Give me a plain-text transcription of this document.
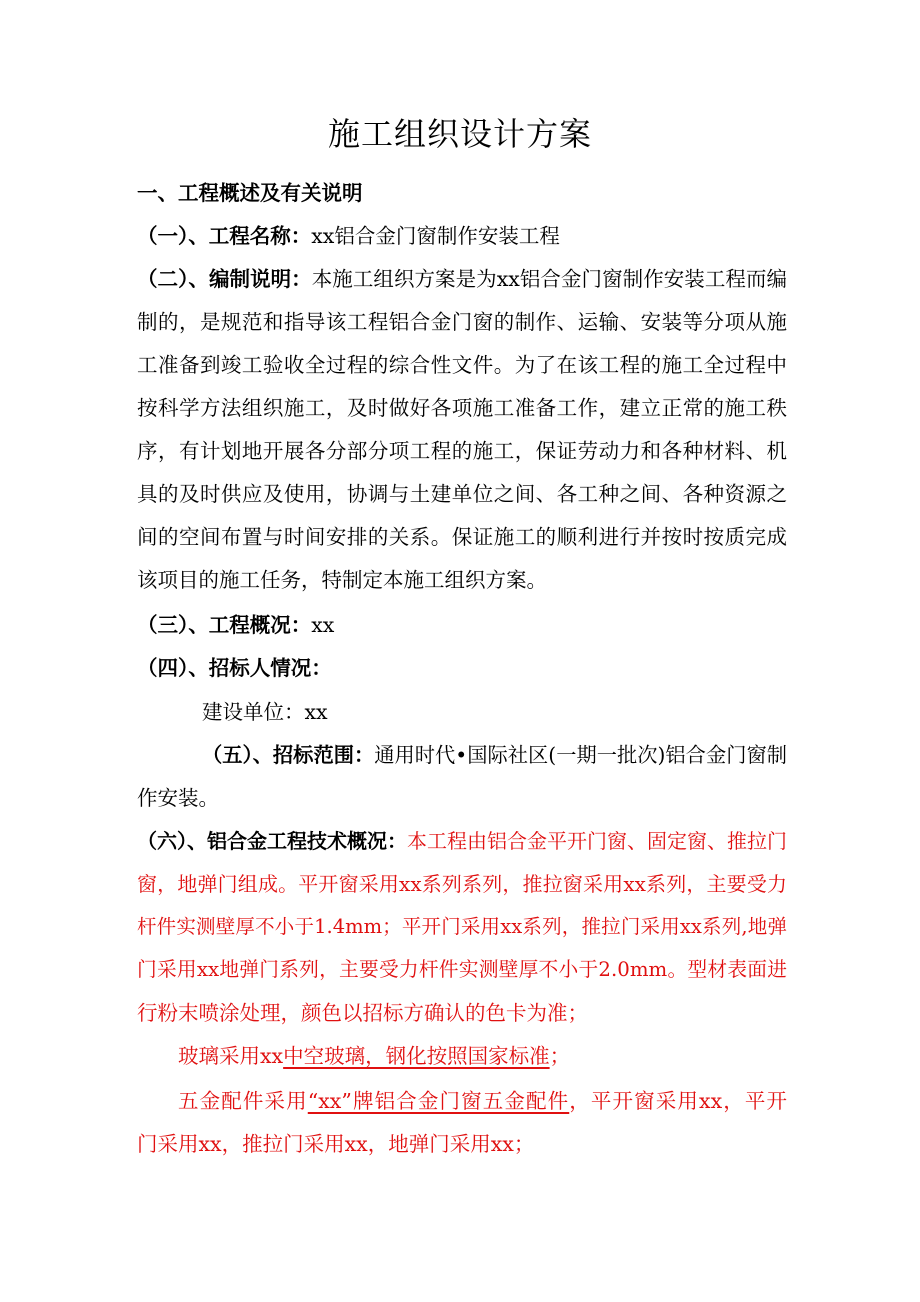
施工组织设计方案

一、工程概述及有关说明

（一）、工程名称：xx铝合金门窗制作安装工程

（二）、编制说明：本施工组织方案是为xx铝合金门窗制作安装工程而编

制的，是规范和指导该工程铝合金门窗的制作、运输、安装等分项从施

工准备到竣工验收全过程的综合性文件。为了在该工程的施工全过程中

按科学方法组织施工，及时做好各项施工准备工作，建立正常的施工秩

序，有计划地开展各分部分项工程的施工，保证劳动力和各种材料、机

具的及时供应及使用，协调与土建单位之间、各工种之间、各种资源之

间的空间布置与时间安排的关系。保证施工的顺利进行并按时按质完成

该项目的施工任务，特制定本施工组织方案。

（三）、工程概况：xx

（四）、招标人情况：

建设单位：xx

（五）、招标范围：通用时代•国际社区(一期一批次)铝合金门窗制

作安装。

（六）、铝合金工程技术概况：本工程由铝合金平开门窗、固定窗、推拉门

窗，地弹门组成。平开窗采用xx系列系列，推拉窗采用xx系列，主要受力

杆件实测壁厚不小于1.4mm；平开门采用xx系列，推拉门采用xx系列,地弹

门采用xx地弹门系列，主要受力杆件实测壁厚不小于2.0mm。型材表面进

行粉末喷涂处理，颜色以招标方确认的色卡为准；

玻璃采用xx中空玻璃，钢化按照国家标准；

五金配件采用“xx”牌铝合金门窗五金配件，平开窗采用xx，平开

门采用xx，推拉门采用xx，地弹门采用xx；
